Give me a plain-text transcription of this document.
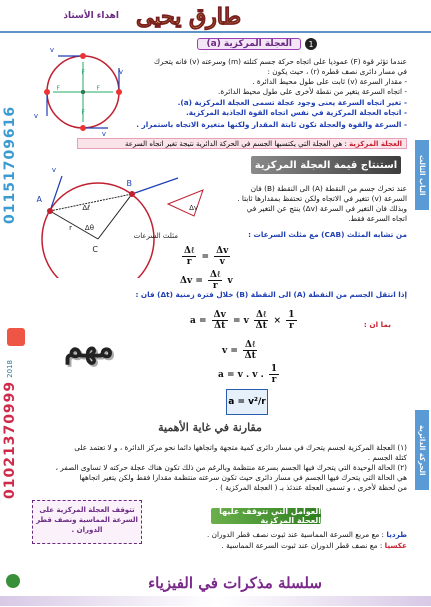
اهداء الأستاذ طارق يحيى
الباب الثالث
الحركة الدائرية
01151709616
01021370999
2018
1
العجلة المركزية (a)
v
v
v
v
F
F
F
F
عندما تؤثر قوة (F) عموديا على اتجاه حركة جسم كتلته (m) وسرعته (v) فانه يتحرك
في مسار دائرى نصف قطره (r) ، حيث يكون :
- مقدار السرعة (v) ثابت على طول محيط الدائرة .
- اتجاه السرعة يتغير من نقطة لأخرى على طول محيط الدائرة.
- تغير اتجاه السرعة يعنى وجود عجلة تسمى العجلة المركزية (a).
- اتجاه العجلة المركزية في نفس اتجاه القوة الجاذبة المركزية.
- السرعة والقوة والعجلة تكون ثابتة المقدار ولكنها متغيرة الاتجاه باستمرار .
العجلة المركزية : هي العجلة التي يكتسبها الجسم في الحركة الدائرية نتيجة تغير اتجاه السرعة
استنتاج قيمة العجلة المركزية
A
B
C
Δℓ
Δθ
r
v
Δv
مثلث السرعات
عند تحرك جسم من النقطة (A) الى النقطة (B) فان
السرعة (v) تتغير في الاتجاه ولكن تحتفظ بمقدارها ثابتا .
وبذلك فان التغير في السرعة (Δv) ينتج عن التغير في
اتجاه السرعة فقط.
من تشابه المثلث (CAB) مع مثلث السرعات :
$\frac{\text{Δℓ}}{r} = \frac{\Delta v}{v}$
$\Delta v = \frac{\text{Δℓ}}{r}$ v
إذا انتقل الجسم من النقطة (A) الى النقطة (B) خلال فترة زمنية (Δt) فان :
$a = \frac{\Delta v}{\Delta t} = v \frac{\text{Δℓ}}{\Delta t} \times \frac{1}{r}$	بما ان :
$v = \frac{\text{Δℓ}}{\Delta t}$
a = v . v . $\frac{1}{r}$
مهم
a = v²/r
مقارنة في غاية الأهمية
(١) العجلة المركزية لجسم يتحرك في مسار دائرى كمية متجهة واتجاهها دائما نحو مركز الدائرة ، و لا تعتمد على
كتلة الجسم .
(٢) الحالة الوحيدة التي يتحرك فيها الجسم بسرعة منتظمة وبالرغم من ذلك تكون هناك عجلة حركته لا تساوى الصفر ،
هي الحالة التي يتحرك فيها الجسم في مسار دائرى حيث تكون سرعته منتظمة مقدارا فقط ولكن يتغير اتجاهها
من لحظة لأخرى ، و تسمى العجلة عندئذ بـ ( العجلة المركزية ) .
تتوقف العجلة المركزية على السرعة المماسية ونصف قطر الدوران .
العوامل التي تتوقف عليها العجلة المركزية
طرديا : مع مربع السرعة المماسية عند ثبوت نصف قطر الدوران .
عكسيا : مع نصف قطر الدوران عند ثبوت السرعة المماسية .
سلسلة مذكرات في الفيزياء
